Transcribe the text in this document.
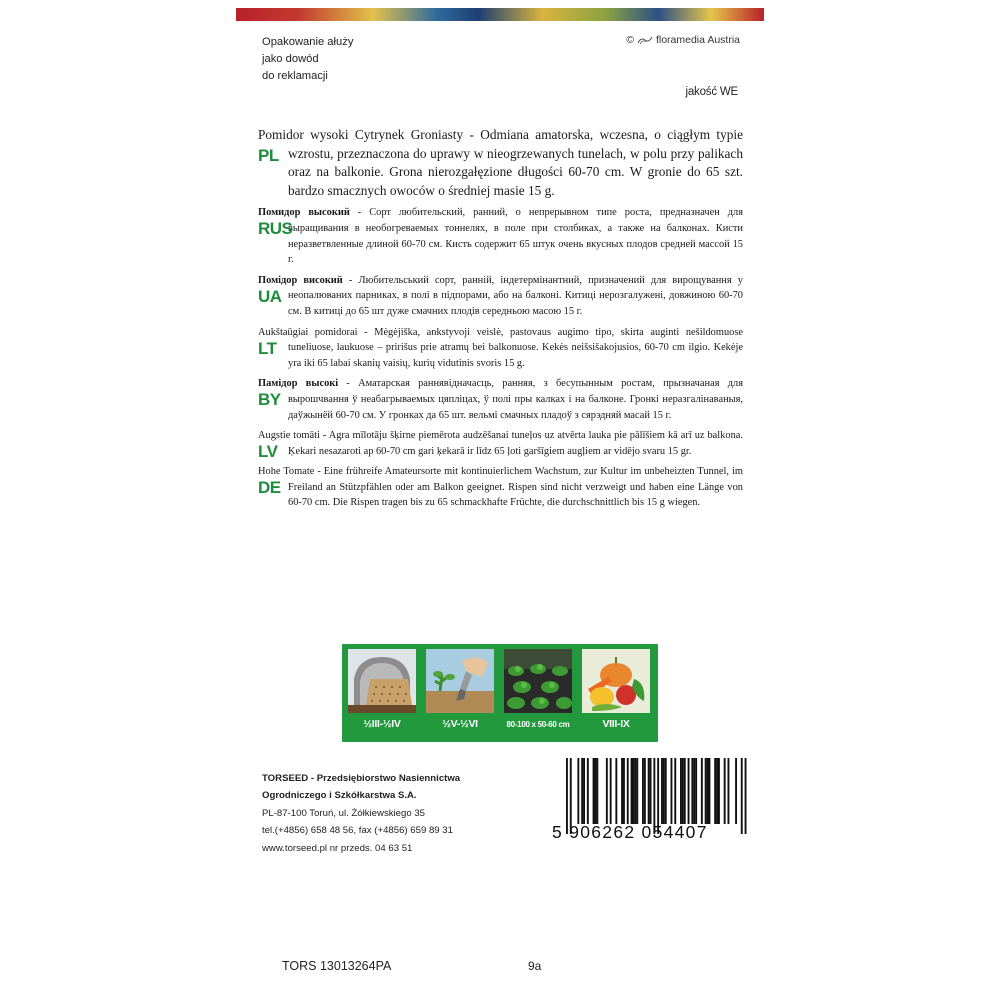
Opakowanie ałuży
jako dowód
do reklamacji
© floramedia Austria
jakość WE
PL
Pomidor wysoki Cytrynek Groniasty - Odmiana amatorska, wczesna, o ciągłym typie wzrostu, przeznaczona do uprawy w nieogrzewanych tunelach, w polu przy palikach oraz na balkonie. Grona nierozgałęzione długości 60-70 cm. W gronie do 65 szt. bardzo smacznych owoców o średniej masie 15 g.
RUS
Помидор высокий - Сорт любительский, ранний, о непрерывном типе роста, предназначен для выращивания в необогреваемых тоннелях, в поле при столбиках, а также на балконах. Кисти неразветвленные длиной 60-70 см. Кисть содержит 65 штук очень вкусных плодов средней массой 15 г.
UA
Помідор високий - Любительський сорт, ранній, індетермінантний, призначений для вирощування у неопалюваних парниках, в полі в підпорами, або на балконі. Китиці нерозгалужені, довжиною 60-70 см. В китиці до 65 шт дуже смачних плодів середньою масою 15 г.
LT
Aukštaūgiai pomidorai - Mėgėjiška, ankstyvoji veislė, pastovaus augimo tipo, skirta auginti nešildomuose tuneliuose, laukuose – pririšus prie atramų bei balkonuose. Kekės neišsišakojusios, 60-70 cm ilgio. Kekėje yra iki 65 labai skanių vaisių, kurių vidutinis svoris 15 g.
BY
Памідор высокі - Аматарская раннявідначасць, ранняя, з бесупынным ростам, прызначаная для вырошчвання ў неабагрываемых цяпліцах, ў полі пры калках і на балконе. Гронкі неразгалінаваныя, даўжынёй 60-70 см. У гронках да 65 шт. вельмі смачных пладоў з сярэдняй масай 15 г.
LV
Augstie tomāti - Agra mīlotāju šķirne piemērota audzēšanai tuneļos uz atvērta lauka pie pālīšiem kā arī uz balkona. Ķekari nesazaroti ap 60-70 cm gari ķekarā ir līdz 65 ļoti garšīgiem augļiem ar vidējo svaru 15 gr.
DE
Hohe Tomate - Eine frühreife Amateursorte mit kontinuierlichem Wachstum, zur Kultur im unbeheizten Tunnel, im Freiland an Stützpfählen oder am Balkon geeignet. Rispen sind nicht verzweigt und haben eine Länge von 60-70 cm. Die Rispen tragen bis zu 65 schmackhafte Früchte, die durchschnittlich bis 15 g wiegen.
½III-½IV	½V-½VI	80-100 x 50-60 cm	VIII-IX
TORSEED - Przedsiębiorstwo Nasiennictwa
Ogrodniczego i Szkółkarstwa S.A.
PL-87-100 Toruń, ul. Żółkiewskiego 35
tel.(+4856) 658 48 56, fax (+4856) 659 89 31
www.torseed.pl nr przeds. 04 63 51
5 906262 054407
TORS 13013264PA	9a
